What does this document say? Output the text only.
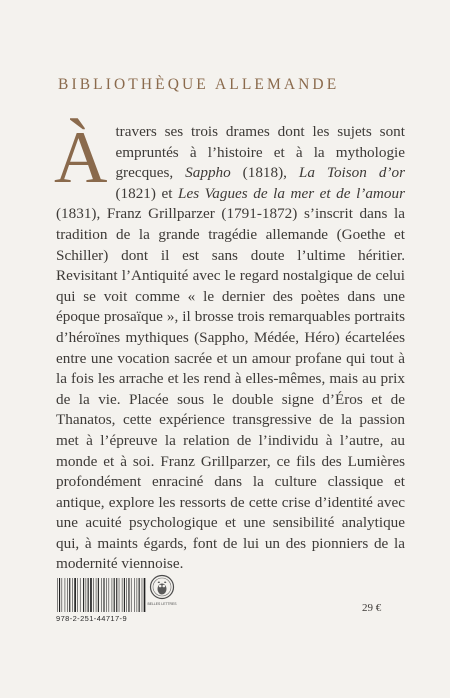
BIBLIOTHÈQUE ALLEMANDE

À travers ses trois drames dont les sujets sont empruntés à l’histoire et à la mythologie grecques, Sappho (1818), La Toison d’or (1821) et Les Vagues de la mer et de l’amour (1831), Franz Grillparzer (1791-1872) s’inscrit dans la tradition de la grande tragédie allemande (Goethe et Schiller) dont il est sans doute l’ultime héritier. Revisitant l’Antiquité avec le regard nostalgique de celui qui se voit comme « le dernier des poètes dans une époque prosaïque », il brosse trois remarquables portraits d’héroïnes mythiques (Sappho, Médée, Héro) écartelées entre une vocation sacrée et un amour profane qui tout à la fois les arrache et les rend à elles-mêmes, mais au prix de la vie. Placée sous le double signe d’Éros et de Thanatos, cette expérience transgressive de la passion met à l’épreuve la relation de l’individu à l’autre, au monde et à soi. Franz Grillparzer, ce fils des Lumières profondément enraciné dans la culture classique et antique, explore les ressorts de cette crise d’identité avec une acuité psychologique et une sensibilité analytique qui, à maints égards, font de lui un des pionniers de la modernité viennoise.

978-2-251-44717-9
BELLES LETTRES	29 €
